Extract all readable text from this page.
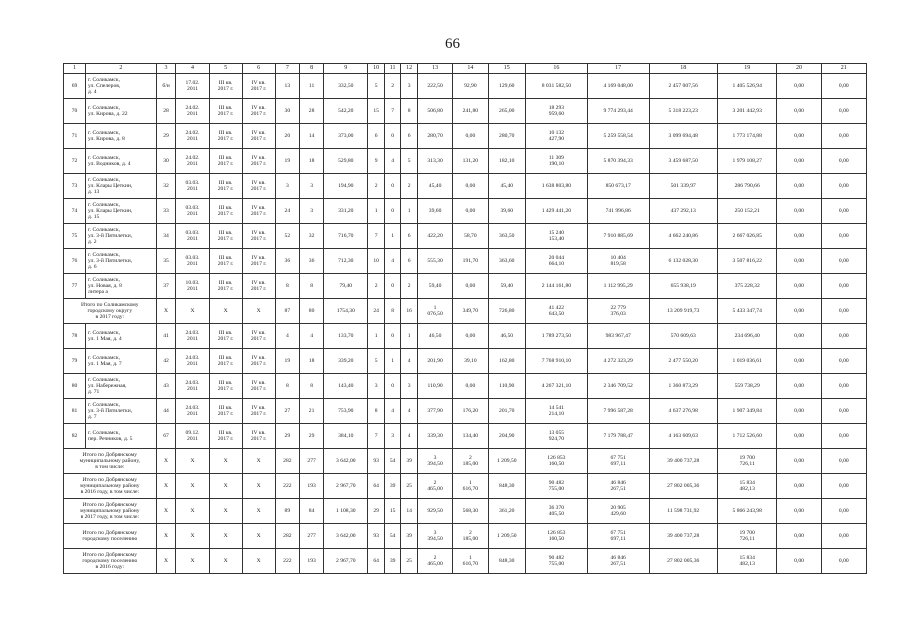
66
1	2	3	4	5	6	7	8	9	10	11	12	13	14	15	16	17	18	19	20	21
69	г. Соликамск,
ул. Спелеров,
д. 4	б/н	17.02.
2011	III кв.
2017 г.	IV кв.
2017 г.	13	11	332,50	5	2	3	222,50	92,90	129,60	8 031 582,50	4 169 048,00	2 457 007,56	1 405 526,94	0,00	0,00
70	г. Соликамск,
ул. Кирова, д. 22	28	24.02.
2011	III кв.
2017 г.	IV кв.
2017 г.	30	28	542,20	15	7	8	506,80	241,80	265,00	18 293
959,60	9 774 293,44	5 318 223,23	3 201 442,93	0,00	0,00
71	г. Соликамск,
ул. Кирова, д. 8	29	24.02.
2011	III кв.
2017 г.	IV кв.
2017 г.	20	14	373,00	6	0	6	280,70	0,00	280,70	10 132
427,90	5 259 558,54	3 099 694,48	1 773 174,88	0,00	0,00
72	г. Соликамск,
ул. Водников, д. 4	30	24.02.
2011	III кв.
2017 г.	IV кв.
2017 г.	19	18	529,80	9	4	5	313,30	131,20	182,10	11 309
190,10	5 870 394,33	3 459 687,50	1 979 108,27	0,00	0,00
73	г. Соликамск,
ул. Клары Цеткин,
д. 13	32	03.03.
2011	III кв.
2017 г.	IV кв.
2017 г.	3	3	194,90	2	0	2	45,40	0,00	45,40	1 638 803,80	850 673,17	501 339,97	286 790,66	0,00	0,00
74	г. Соликамск,
ул. Клары Цеткин,
д. 15	33	03.03.
2011	III кв.
2017 г.	IV кв.
2017 г.	24	3	331,20	1	0	1	39,60	0,00	39,60	1 429 441,20	741 996,86	437 292,13	250 152,21	0,00	0,00
75	г. Соликамск,
ул. 3-й Пятилетки,
д. 2	34	03.03.
2011	III кв.
2017 г.	IV кв.
2017 г.	52	32	716,70	7	1	6	422,20	58,70	363,50	15 240
153,40	7 910 885,69	4 662 240,86	2 667 026,85	0,00	0,00
76	г. Соликамск,
ул. 3-й Пятилетки,
д. 6	35	03.03.
2011	III кв.
2017 г.	IV кв.
2017 г.	36	36	712,30	10	4	6	555,30	191,70	363,60	20 044
664,10	10 404
819,58	6 132 028,30	3 507 816,22	0,00	0,00
77	г. Соликамск,
ул. Новая, д. 8
литера а	37	10.03.
2011	III кв.
2017 г.	IV кв.
2017 г.	8	8	79,40	2	0	2	59,40	0,00	59,40	2 144 161,80	1 112 995,29	655 938,19	375 228,32	0,00	0,00
Итого по Соликамскому
городскому округу
в 2017 году:		X	X	X	X	87	80	1754,30	24	8	16	1
076,50	349,70	726,80	41 422
643,50	22 779
376,03	13 209 919,73	5 433 347,74	0,00	0,00
78	г. Соликамск,
ул. 1 Мая, д. 4	41	24.03.
2011	III кв.
2017 г.	IV кв.
2017 г.	4	4	133,70	1	0	1	46,50	0,00	46,50	1 789 273,50	983 967,47	570 609,63	234 696,40	0,00	0,00
79	г. Соликамск,
ул. 1 Мая, д. 7	42	24.03.
2011	III кв.
2017 г.	IV кв.
2017 г.	19	18	339,20	5	1	4	201,90	39,10	162,80	7 768 910,10	4 272 323,29	2 477 550,20	1 019 036,61	0,00	0,00
80	г. Соликамск,
ул. Набережная,
д. 71	43	24.03.
2011	III кв.
2017 г.	IV кв.
2017 г.	8	8	143,40	3	0	3	110,90	0,00	110,90	4 267 321,10	2 346 709,52	1 360 873,29	559 738,29	0,00	0,00
81	г. Соликамск,
ул. 3-й Пятилетки,
д. 7	44	24.03.
2011	III кв.
2017 г.	IV кв.
2017 г.	27	21	753,90	8	4	4	377,90	176,20	201,70	14 541
214,10	7 996 587,28	4 637 276,98	1 907 349,84	0,00	0,00
82	г. Соликамск,
пер. Речников, д. 5	67	09.12.
2011	III кв.
2017 г.	IV кв.
2017 г.	29	29	384,10	7	3	4	339,30	134,40	204,90	13 055
924,70	7 179 788,47	4 163 609,63	1 712 526,60	0,00	0,00
Итого по Добрянскому
муниципальному району,
в том числе:		X	X	X	X	282	277	3 642,00	93	54	39	3
394,50	2
185,00	1 209,50	126 853
160,50	67 751
697,11	39 400 737,28	19 700
726,11	0,00	0,00
Итого по Добрянскому
муниципальному району
в 2016 году, в том числе:		X	X	X	X	222	193	2 967,70	64	39	25	2
465,00	1
616,70	848,30	90 482
755,00	46 846
267,51	27 802 005,36	15 834
482,13	0,00	0,00
Итого по Добрянскому
муниципальному району
в 2017 году, в том числе:		X	X	X	X	89	84	1 108,30	29	15	14	929,50	568,30	361,20	36 370
405,50	20 905
429,60	11 598 731,92	5 866 243,98	0,00	0,00
Итого по Добрянскому
городскому поселению		X	X	X	X	282	277	3 642,00	93	54	39	3
394,50	2
185,00	1 209,50	126 853
160,50	67 751
697,11	39 400 737,28	19 700
726,11	0,00	0,00
Итого по Добрянскому
городскому поселению
в 2016 году:		X	X	X	X	222	193	2 967,70	64	39	25	2
465,00	1
616,70	848,30	90 482
755,00	46 846
267,51	27 802 005,36	15 834
482,13	0,00	0,00
